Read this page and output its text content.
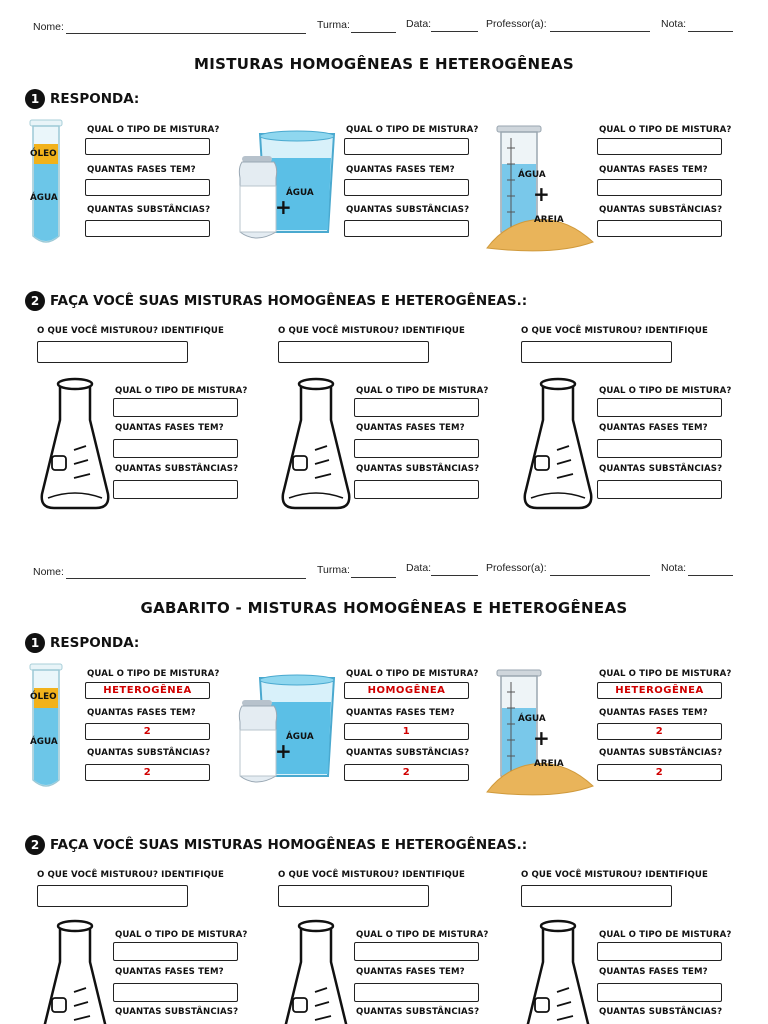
Nome:	Turma:	Data:	Professor(a):	Nota:
MISTURAS HOMOGÊNEAS E HETEROGÊNEAS
1 RESPONDA:
ÓLEO
ÁGUA
QUAL O TIPO DE MISTURA?
QUANTAS FASES TEM?
QUANTAS SUBSTÂNCIAS?
ÁGUA
SAL +
QUAL O TIPO DE MISTURA?
QUANTAS FASES TEM?
QUANTAS SUBSTÂNCIAS?
ÁGUA
+
AREIA
QUAL O TIPO DE MISTURA?
QUANTAS FASES TEM?
QUANTAS SUBSTÂNCIAS?
2 FAÇA VOCÊ SUAS MISTURAS HOMOGÊNEAS E HETEROGÊNEAS.:
O QUE VOCÊ MISTUROU? IDENTIFIQUE	O QUE VOCÊ MISTUROU? IDENTIFIQUE	O QUE VOCÊ MISTUROU? IDENTIFIQUE
QUAL O TIPO DE MISTURA?
QUANTAS FASES TEM?
QUANTAS SUBSTÂNCIAS?
QUAL O TIPO DE MISTURA?
QUANTAS FASES TEM?
QUANTAS SUBSTÂNCIAS?
QUAL O TIPO DE MISTURA?
QUANTAS FASES TEM?
QUANTAS SUBSTÂNCIAS?
Nome:	Turma:	Data:	Professor(a):	Nota:
GABARITO - MISTURAS HOMOGÊNEAS E HETEROGÊNEAS
1 RESPONDA:
ÓLEO
ÁGUA
QUAL O TIPO DE MISTURA?
HETEROGÊNEA
QUANTAS FASES TEM?
2
QUANTAS SUBSTÂNCIAS?
2
ÁGUA
SAL +
QUAL O TIPO DE MISTURA?
HOMOGÊNEA
QUANTAS FASES TEM?
1
QUANTAS SUBSTÂNCIAS?
2
ÁGUA
+
AREIA
QUAL O TIPO DE MISTURA?
HETEROGÊNEA
QUANTAS FASES TEM?
2
QUANTAS SUBSTÂNCIAS?
2
2 FAÇA VOCÊ SUAS MISTURAS HOMOGÊNEAS E HETEROGÊNEAS.:
O QUE VOCÊ MISTUROU? IDENTIFIQUE	O QUE VOCÊ MISTUROU? IDENTIFIQUE	O QUE VOCÊ MISTUROU? IDENTIFIQUE
QUAL O TIPO DE MISTURA?
QUANTAS FASES TEM?
QUANTAS SUBSTÂNCIAS?
QUAL O TIPO DE MISTURA?
QUANTAS FASES TEM?
QUANTAS SUBSTÂNCIAS?
QUAL O TIPO DE MISTURA?
QUANTAS FASES TEM?
QUANTAS SUBSTÂNCIAS?
